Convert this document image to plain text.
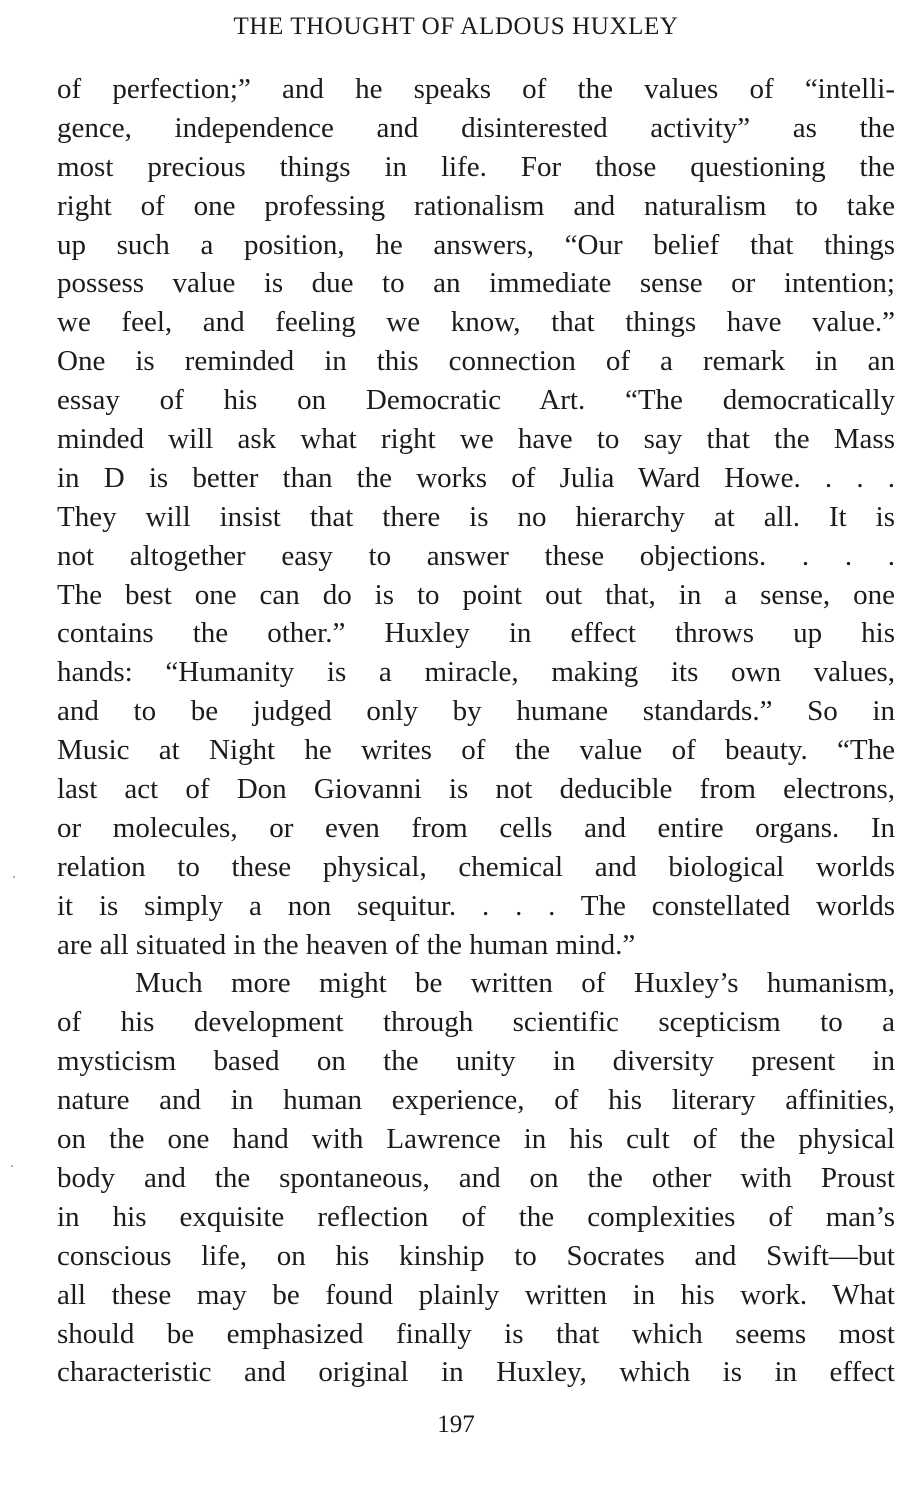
THE THOUGHT OF ALDOUS HUXLEY
of perfection;” and he speaks of the values of “intelli-
gence, independence and disinterested activity” as the
most precious things in life. For those questioning the
right of one professing rationalism and naturalism to take
up such a position, he answers, “Our belief that things
possess value is due to an immediate sense or intention;
we feel, and feeling we know, that things have value.”
One is reminded in this connection of a remark in an
essay of his on Democratic Art. “The democratically
minded will ask what right we have to say that the Mass
in D is better than the works of Julia Ward Howe. . . .
They will insist that there is no hierarchy at all. It is
not altogether easy to answer these objections. . . .
The best one can do is to point out that, in a sense, one
contains the other.” Huxley in effect throws up his
hands: “Humanity is a miracle, making its own values,
and to be judged only by humane standards.” So in
Music at Night he writes of the value of beauty. “The
last act of Don Giovanni is not deducible from electrons,
or molecules, or even from cells and entire organs. In
relation to these physical, chemical and biological worlds
it is simply a non sequitur. . . . The constellated worlds
are all situated in the heaven of the human mind.”
Much more might be written of Huxley’s humanism,
of his development through scientific scepticism to a
mysticism based on the unity in diversity present in
nature and in human experience, of his literary affinities,
on the one hand with Lawrence in his cult of the physical
body and the spontaneous, and on the other with Proust
in his exquisite reflection of the complexities of man’s
conscious life, on his kinship to Socrates and Swift—but
all these may be found plainly written in his work. What
should be emphasized finally is that which seems most
characteristic and original in Huxley, which is in effect
197
